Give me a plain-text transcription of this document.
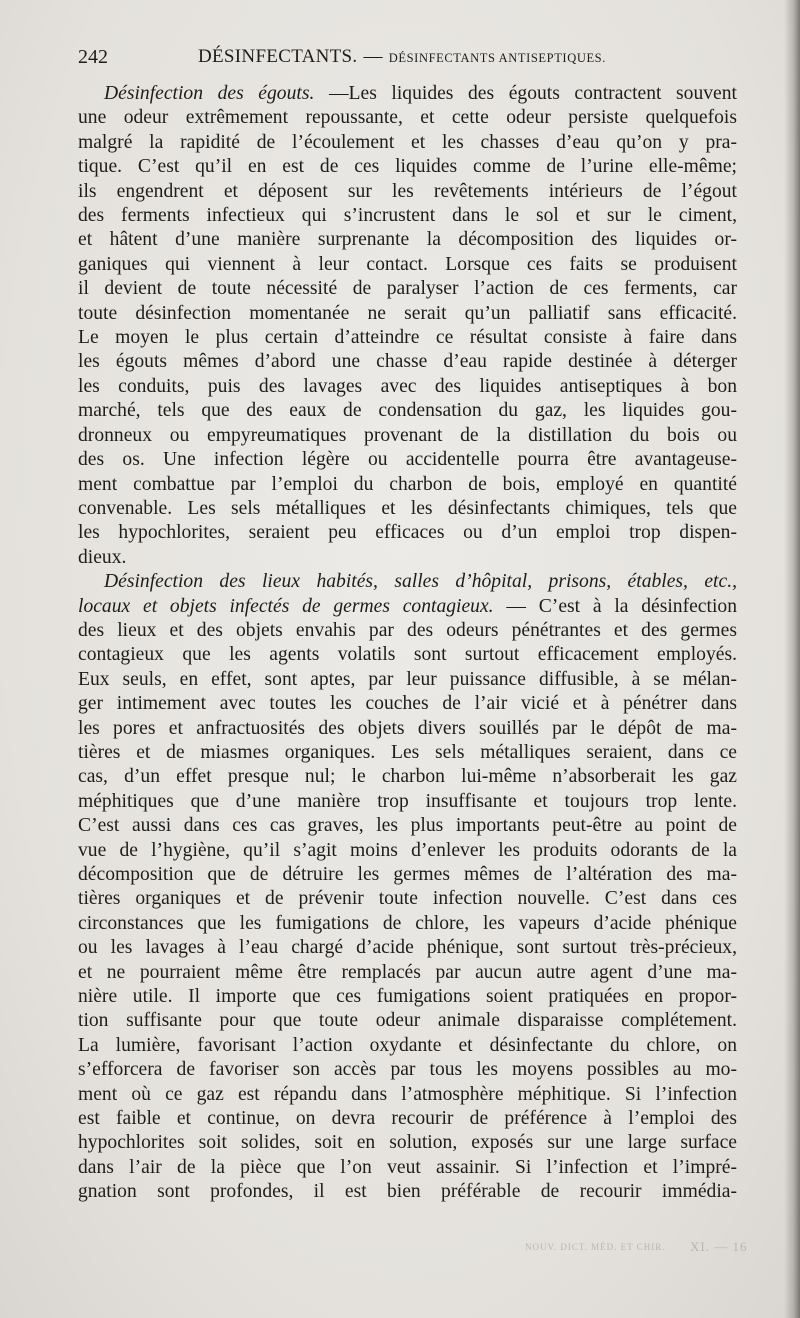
242	DÉSINFECTANTS. — DÉSINFECTANTS ANTISEPTIQUES.
Désinfection des égouts. —Les liquides des égouts contractent souvent
une odeur extrêmement repoussante, et cette odeur persiste quelquefois
malgré la rapidité de l’écoulement et les chasses d’eau qu’on y pra-
tique. C’est qu’il en est de ces liquides comme de l’urine elle-même;
ils engendrent et déposent sur les revêtements intérieurs de l’égout
des ferments infectieux qui s’incrustent dans le sol et sur le ciment,
et hâtent d’une manière surprenante la décomposition des liquides or-
ganiques qui viennent à leur contact. Lorsque ces faits se produisent
il devient de toute nécessité de paralyser l’action de ces ferments, car
toute désinfection momentanée ne serait qu’un palliatif sans efficacité.
Le moyen le plus certain d’atteindre ce résultat consiste à faire dans
les égouts mêmes d’abord une chasse d’eau rapide destinée à déterger
les conduits, puis des lavages avec des liquides antiseptiques à bon
marché, tels que des eaux de condensation du gaz, les liquides gou-
dronneux ou empyreumatiques provenant de la distillation du bois ou
des os. Une infection légère ou accidentelle pourra être avantageuse-
ment combattue par l’emploi du charbon de bois, employé en quantité
convenable. Les sels métalliques et les désinfectants chimiques, tels que
les hypochlorites, seraient peu efficaces ou d’un emploi trop dispen-
dieux.
Désinfection des lieux habités, salles d’hôpital, prisons, étables, etc.,
locaux et objets infectés de germes contagieux. — C’est à la désinfection
des lieux et des objets envahis par des odeurs pénétrantes et des germes
contagieux que les agents volatils sont surtout efficacement employés.
Eux seuls, en effet, sont aptes, par leur puissance diffusible, à se mélan-
ger intimement avec toutes les couches de l’air vicié et à pénétrer dans
les pores et anfractuosités des objets divers souillés par le dépôt de ma-
tières et de miasmes organiques. Les sels métalliques seraient, dans ce
cas, d’un effet presque nul; le charbon lui-même n’absorberait les gaz
méphitiques que d’une manière trop insuffisante et toujours trop lente.
C’est aussi dans ces cas graves, les plus importants peut-être au point de
vue de l’hygiène, qu’il s’agit moins d’enlever les produits odorants de la
décomposition que de détruire les germes mêmes de l’altération des ma-
tières organiques et de prévenir toute infection nouvelle. C’est dans ces
circonstances que les fumigations de chlore, les vapeurs d’acide phénique
ou les lavages à l’eau chargé d’acide phénique, sont surtout très-précieux,
et ne pourraient même être remplacés par aucun autre agent d’une ma-
nière utile. Il importe que ces fumigations soient pratiquées en propor-
tion suffisante pour que toute odeur animale disparaisse complétement.
La lumière, favorisant l’action oxydante et désinfectante du chlore, on
s’efforcera de favoriser son accès par tous les moyens possibles au mo-
ment où ce gaz est répandu dans l’atmosphère méphitique. Si l’infection
est faible et continue, on devra recourir de préférence à l’emploi des
hypochlorites soit solides, soit en solution, exposés sur une large surface
dans l’air de la pièce que l’on veut assainir. Si l’infection et l’impré-
gnation sont profondes, il est bien préférable de recourir immédia-
NOUV. DICT. MÉD. ET CHIR. XI. — 16
